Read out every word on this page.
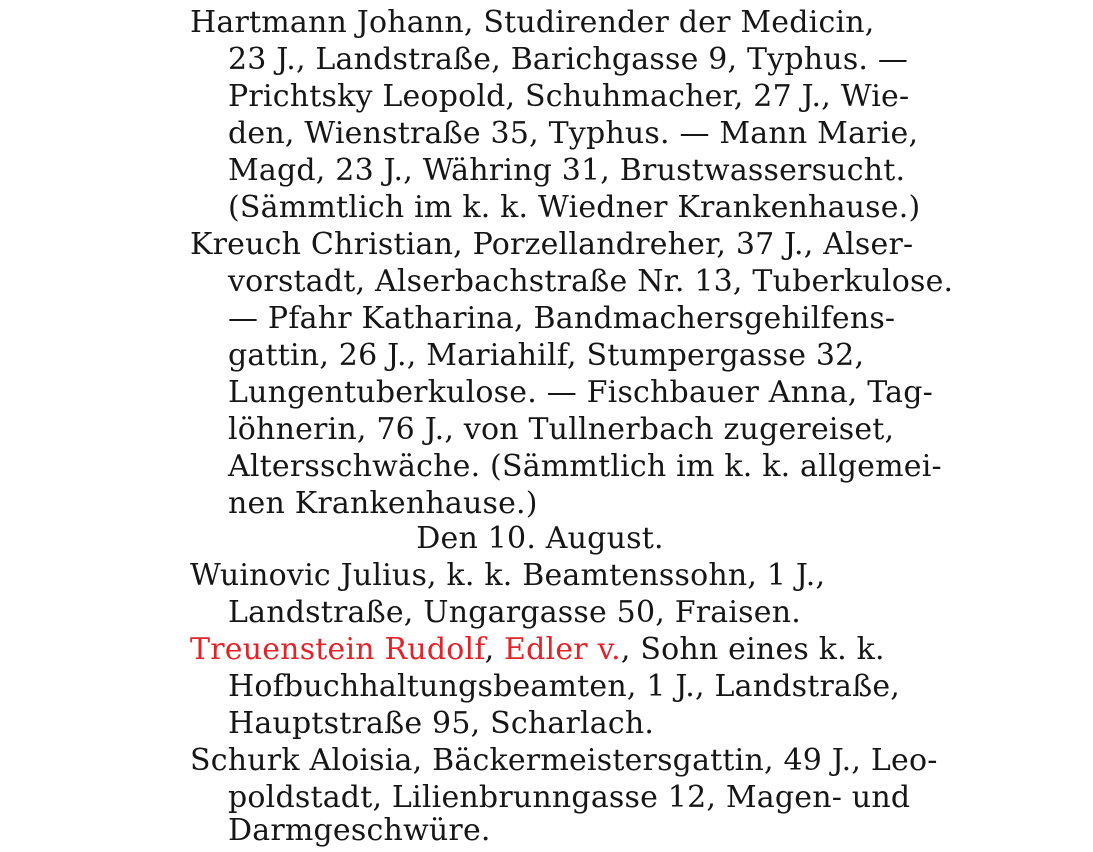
Hartmann Johann, Studirender der Medicin,
23 J., Landstraße, Barichgasse 9, Typhus. —
Prichtsky Leopold, Schuhmacher, 27 J., Wie-
den, Wienstraße 35, Typhus. — Mann Marie,
Magd, 23 J., Währing 31, Brustwassersucht.
(Sämmtlich im k. k. Wiedner Krankenhause.)
Kreuch Christian, Porzellandreher, 37 J., Alser-
vorstadt, Alserbachstraße Nr. 13, Tuberkulose.
— Pfahr Katharina, Bandmachersgehilfens-
gattin, 26 J., Mariahilf, Stumpergasse 32,
Lungentuberkulose. — Fischbauer Anna, Tag-
löhnerin, 76 J., von Tullnerbach zugereiset,
Altersschwäche. (Sämmtlich im k. k. allgemei-
nen Krankenhause.)
Den 10. August.
Wuinovic Julius, k. k. Beamtenssohn, 1 J.,
Landstraße, Ungargasse 50, Fraisen.
Treuenstein Rudolf, Edler v., Sohn eines k. k.
Hofbuchhaltungsbeamten, 1 J., Landstraße,
Hauptstraße 95, Scharlach.
Schurk Aloisia, Bäckermeistersgattin, 49 J., Leo-
poldstadt, Lilienbrunngasse 12, Magen- und
Darmgeschwüre.
